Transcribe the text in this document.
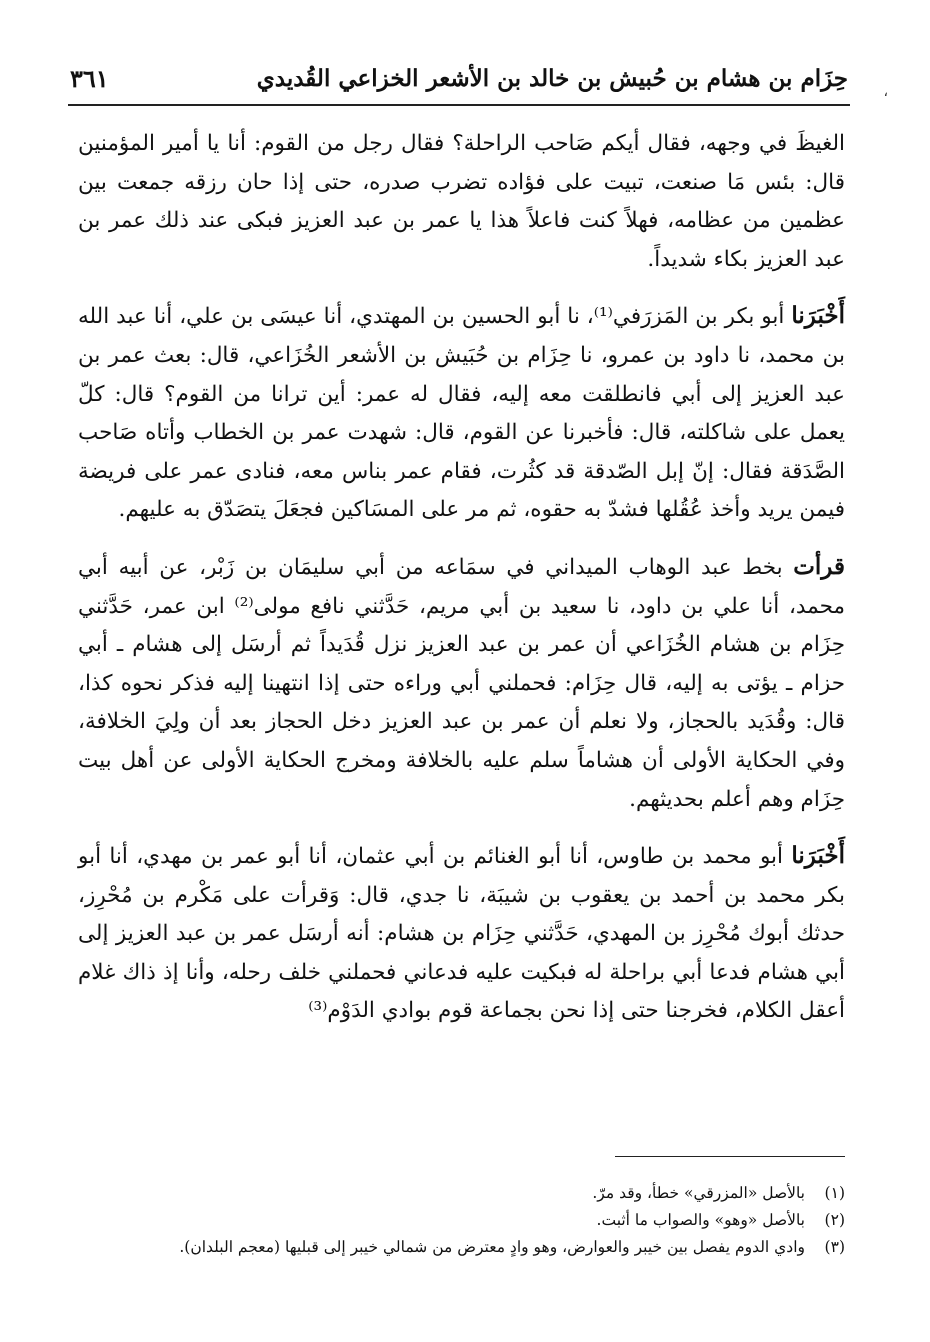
حِزَام بن هشام بن حُبيش بن خالد بن الأشعر الخزاعي القُديدي
٣٦١	،

الغيظَ في وجهه، فقال أيكم صَاحب الراحلة؟ فقال رجل من القوم: أنا يا أمير المؤمنين قال: بئس مَا صنعت، تبيت على فؤاده تضرب صدره، حتى إذا حان رزقه جمعت بين عظمين من عظامه، فهلاً كنت فاعلاً هذا يا عمر بن عبد العزيز فبكى عند ذلك عمر بن عبد العزيز بكاء شديداً.

أَخْبَرَنا أبو بكر بن المَزرَفي⁽¹⁾، نا أبو الحسين بن المهتدي، أنا عيسَى بن علي، أنا عبد الله بن محمد، نا داود بن عمرو، نا حِزَام بن حُبَيش بن الأشعر الخُزَاعي، قال: بعث عمر بن عبد العزيز إلى أبي فانطلقت معه إليه، فقال له عمر: أين ترانا من القوم؟ قال: كلّ يعمل على شاكلته، قال: فأخبرنا عن القوم، قال: شهدت عمر بن الخطاب وأتاه صَاحب الصَّدَقة فقال: إنّ إبل الصّدقة قد كثُرت، فقام عمر بناس معه، فنادى عمر على فريضة فيمن يريد وأخذ عُقُلها فشدّ به حقوه، ثم مر على المسَاكين فجعَلَ يتصَدّق به عليهم.

قرأت بخط عبد الوهاب الميداني في سمَاعه من أبي سليمَان بن زَبْر، عن أبيه أبي محمد، أنا علي بن داود، نا سعيد بن أبي مريم، حَدَّثني نافع مولى⁽²⁾ ابن عمر، حَدَّثني حِزَام بن هشام الخُزَاعي أن عمر بن عبد العزيز نزل قُدَيداً ثم أرسَل إلى هشام ـ أبي حزام ـ يؤتى به إليه، قال حِزَام: فحملني أبي وراءه حتى إذا انتهينا إليه فذكر نحوه كذا، قال: وقُدَيد بالحجاز، ولا نعلم أن عمر بن عبد العزيز دخل الحجاز بعد أن ولِيَ الخلافة، وفي الحكاية الأولى أن هشاماً سلم عليه بالخلافة ومخرج الحكاية الأولى عن أهل بيت حِزَام وهم أعلم بحديثهم.

أَخْبَرَنا أبو محمد بن طاوس، أنا أبو الغنائم بن أبي عثمان، أنا أبو عمر بن مهدي، أنا أبو بكر محمد بن أحمد بن يعقوب بن شيبَة، نا جدي، قال: وَقرأت على مَكْرم بن مُحْرِز، حدثك أبوك مُحْرِز بن المهدي، حَدَّثني حِزَام بن هشام: أنه أرسَل عمر بن عبد العزيز إلى أبي هشام فدعا أبي براحلة له فبكيت عليه فدعاني فحملني خلف رحله، وأنا إذ ذاك غلام أعقل الكلام، فخرجنا حتى إذا نحن بجماعة قوم بوادي الدَوْم⁽³⁾

(١)
بالأصل «المزرقي» خطأ، وقد مرّ.
(٢)
بالأصل «وهو» والصواب ما أثبت.
(٣)
وادي الدوم يفصل بين خيبر والعوارض، وهو وادٍ معترض من شمالي خيبر إلى قبليها (معجم البلدان).
